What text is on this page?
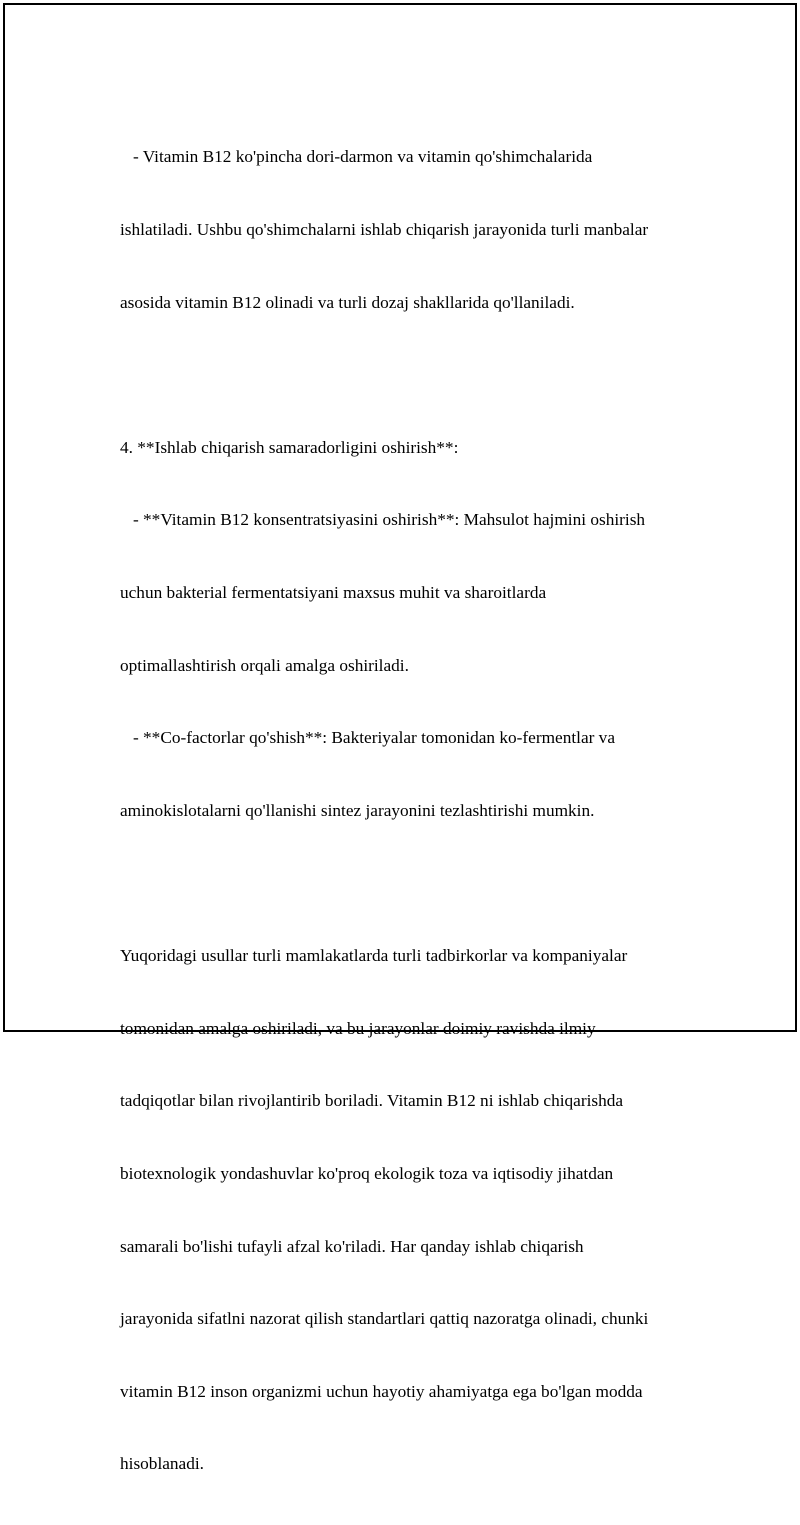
- Vitamin B12 ko'pincha dori-darmon va vitamin qo'shimchalarida

ishlatiladi. Ushbu qo'shimchalarni ishlab chiqarish jarayonida turli manbalar

asosida vitamin B12 olinadi va turli dozaj shakllarida qo'llaniladi.

4. **Ishlab chiqarish samaradorligini oshirish**:

- **Vitamin B12 konsentratsiyasini oshirish**: Mahsulot hajmini oshirish

uchun bakterial fermentatsiyani maxsus muhit va sharoitlarda

optimallashtirish orqali amalga oshiriladi.

- **Co-factorlar qo'shish**: Bakteriyalar tomonidan ko-fermentlar va

aminokislotalarni qo'llanishi sintez jarayonini tezlashtirishi mumkin.

Yuqoridagi usullar turli mamlakatlarda turli tadbirkorlar va kompaniyalar

tomonidan amalga oshiriladi, va bu jarayonlar doimiy ravishda ilmiy

tadqiqotlar bilan rivojlantirib boriladi. Vitamin B12 ni ishlab chiqarishda

biotexnologik yondashuvlar ko'proq ekologik toza va iqtisodiy jihatdan

samarali bo'lishi tufayli afzal ko'riladi. Har qanday ishlab chiqarish

jarayonida sifatlni nazorat qilish standartlari qattiq nazoratga olinadi, chunki

vitamin B12 inson organizmi uchun hayotiy ahamiyatga ega bo'lgan modda

hisoblanadi.
